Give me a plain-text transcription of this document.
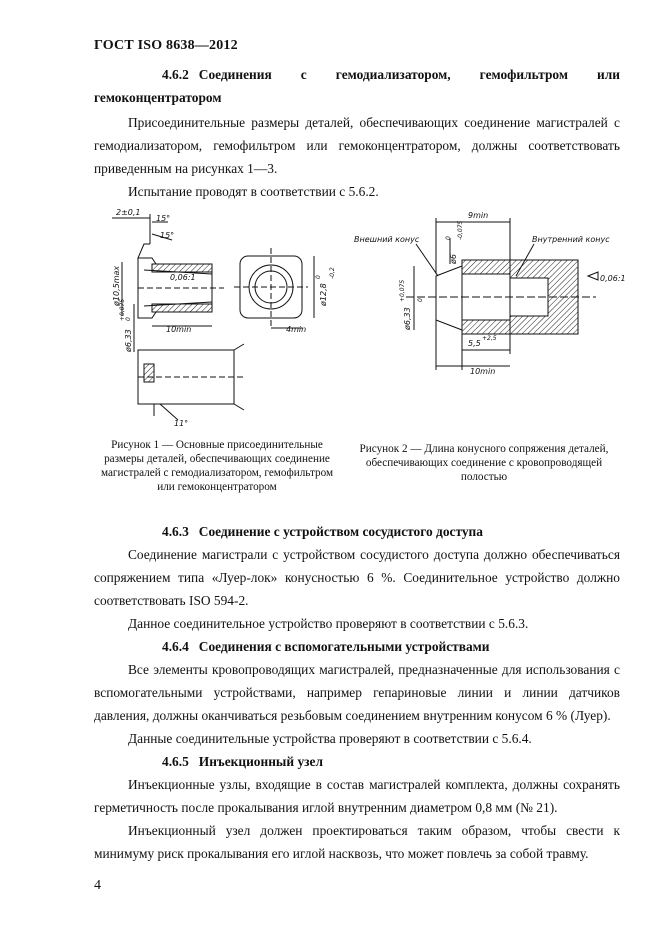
ГОСТ ISO 8638—2012
4.6.2 Соединения с гемодиализатором, гемофильтром или гемоконцентратором
Присоединительные размеры деталей, обеспечивающих соединение магистралей с гемодиализатором, гемофильтром или гемоконцентратором, должны соответствовать приведенным на рисунках 1—3.
Испытание проводят в соответствии с 5.6.2.
2±0,1
15°
15°
0,06:1
10min	4min
11°
ø10,5max
ø6,33
+0,075 0
ø12,8
0 -0,2
9min
Внешний конус	Внутренний конус
0,06:1
5,5
+2,5
10min
ø6
0 -0,075
ø6,33
+0,075 0
Рисунок 1 — Основные присоединительные размеры деталей, обеспечивающих соединение магистралей с гемодиализатором, гемофильтром или гемоконцентратором
Рисунок 2 — Длина конусного сопряжения деталей, обеспечивающих соединение с кровопроводящей полостью
4.6.3 Соединение с устройством сосудистого доступа
Соединение магистрали с устройством сосудистого доступа должно обеспечиваться сопряжением типа «Луер-лок» конусностью 6 %. Соединительное устройство должно соответствовать ISO 594-2.
Данное соединительное устройство проверяют в соответствии с 5.6.3.
4.6.4 Соединения с вспомогательными устройствами
Все элементы кровопроводящих магистралей, предназначенные для использования с вспомогательными устройствами, например гепариновые линии и линии датчиков давления, должны оканчиваться резьбовым соединением внутренним конусом 6 % (Луер).
Данные соединительные устройства проверяют в соответствии с 5.6.4.
4.6.5 Инъекционный узел
Инъекционные узлы, входящие в состав магистралей комплекта, должны сохранять герметичность после прокалывания иглой внутренним диаметром 0,8 мм (№ 21).
Инъекционный узел должен проектироваться таким образом, чтобы свести к минимуму риск прокалывания его иглой насквозь, что может повлечь за собой травму.
4
